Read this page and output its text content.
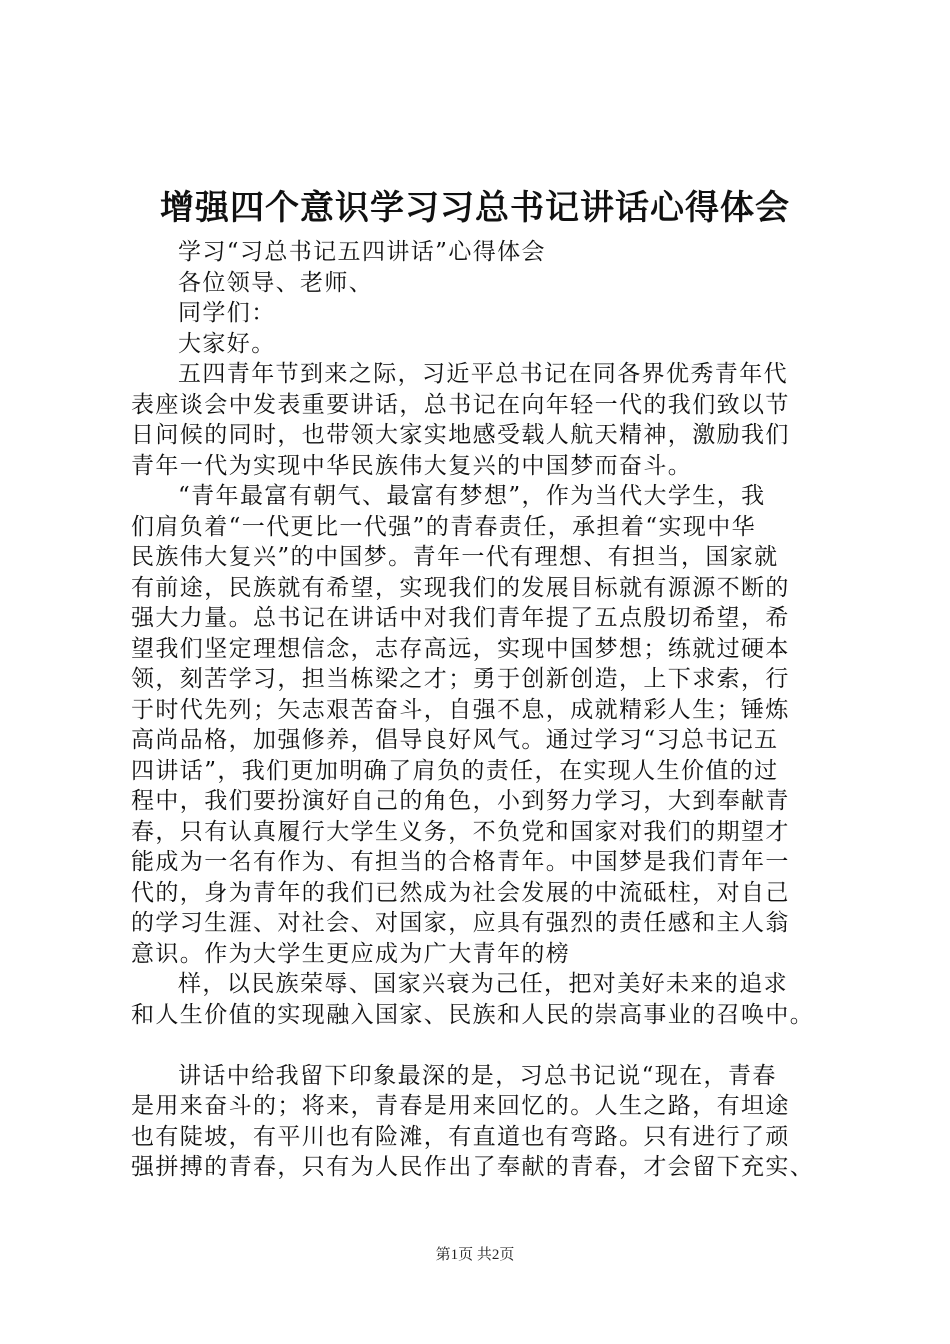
增强四个意识学习习总书记讲话心得体会
学习“习总书记五四讲话”心得体会
各位领导、老师、
同学们：
大家好。
五四青年节到来之际，习近平总书记在同各界优秀青年代
表座谈会中发表重要讲话，总书记在向年轻一代的我们致以节
日问候的同时，也带领大家实地感受载人航天精神，激励我们
青年一代为实现中华民族伟大复兴的中国梦而奋斗。
“青年最富有朝气、最富有梦想”，作为当代大学生，我
们肩负着“一代更比一代强”的青春责任，承担着“实现中华
民族伟大复兴”的中国梦。青年一代有理想、有担当，国家就
有前途，民族就有希望，实现我们的发展目标就有源源不断的
强大力量。总书记在讲话中对我们青年提了五点殷切希望，希
望我们坚定理想信念，志存高远，实现中国梦想；练就过硬本
领，刻苦学习，担当栋梁之才；勇于创新创造，上下求索，行
于时代先列；矢志艰苦奋斗，自强不息，成就精彩人生；锤炼
高尚品格，加强修养，倡导良好风气。通过学习“习总书记五
四讲话”，我们更加明确了肩负的责任，在实现人生价值的过
程中，我们要扮演好自己的角色，小到努力学习，大到奉献青
春，只有认真履行大学生义务，不负党和国家对我们的期望才
能成为一名有作为、有担当的合格青年。中国梦是我们青年一
代的，身为青年的我们已然成为社会发展的中流砥柱，对自己
的学习生涯、对社会、对国家，应具有强烈的责任感和主人翁
意识。作为大学生更应成为广大青年的榜
样，以民族荣辱、国家兴衰为己任，把对美好未来的追求
和人生价值的实现融入国家、民族和人民的崇高事业的召唤中。
讲话中给我留下印象最深的是，习总书记说“现在，青春
是用来奋斗的；将来，青春是用来回忆的。人生之路，有坦途
也有陡坡，有平川也有险滩，有直道也有弯路。只有进行了顽
强拼搏的青春，只有为人民作出了奉献的青春，才会留下充实、
第1页 共2页
